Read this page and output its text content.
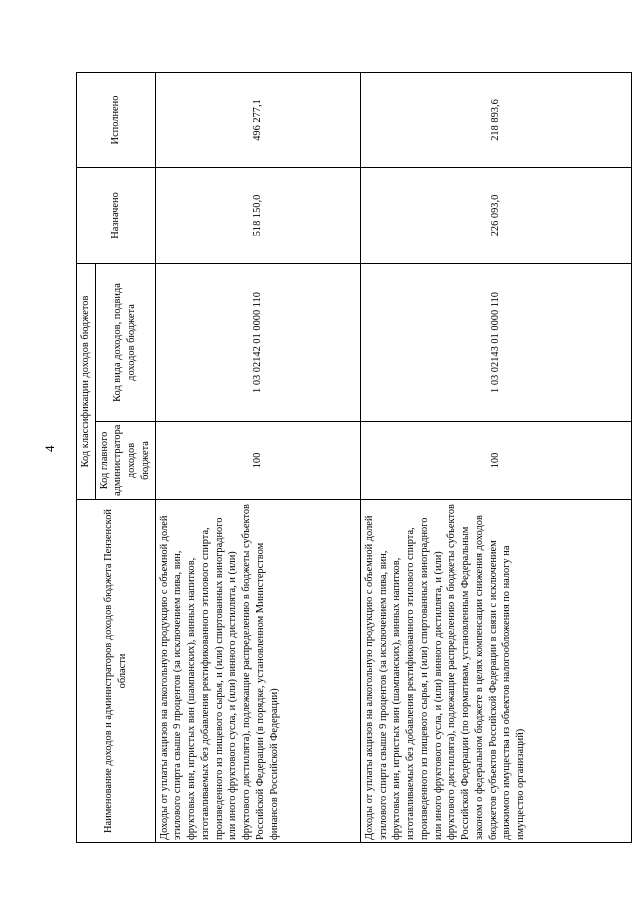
4
Наименование доходов и администраторов доходов бюджета Пензенской области	Код классификации доходов бюджетов		Назначено	Исполнено
	Код главного администратора доходов бюджета	Код вида доходов, подвида доходов бюджета		
Доходы от уплаты акцизов на алкогольную продукцию с объемной долей этилового спирта свыше 9 процентов (за исключением пива, вин, фруктовых вин, игристых вин (шампанских), винных напитков, изготавливаемых без добавления ректификованного этилового спирта, произведенного из пищевого сырья, и (или) спиртованных виноградного или иного фруктового сусла, и (или) винного дистиллята, и (или) фруктового дистиллята), подлежащие распределению в бюджеты субъектов Российской Федерации (в порядке, установленном Министерством финансов Российской Федерации)	100	1 03 02142 01 0000 110	518 150,0	496 277,1
Доходы от уплаты акцизов на алкогольную продукцию с объемной долей этилового спирта свыше 9 процентов (за исключением пива, вин, фруктовых вин, игристых вин (шампанских), винных напитков, изготавливаемых без добавления ректификованного этилового спирта, произведенного из пищевого сырья, и (или) спиртованных виноградного или иного фруктового сусла, и (или) винного дистиллята, и (или) фруктового дистиллята), подлежащие распределению в бюджеты субъектов Российской Федерации (по нормативам, установленным Федеральным законом о федеральном бюджете в целях компенсации снижения доходов бюджетов субъектов Российской Федерации в связи с исключением движимого имущества из объектов налогообложения по налогу на имущество организаций)	100	1 03 02143 01 0000 110	226 093,0	218 893,6
